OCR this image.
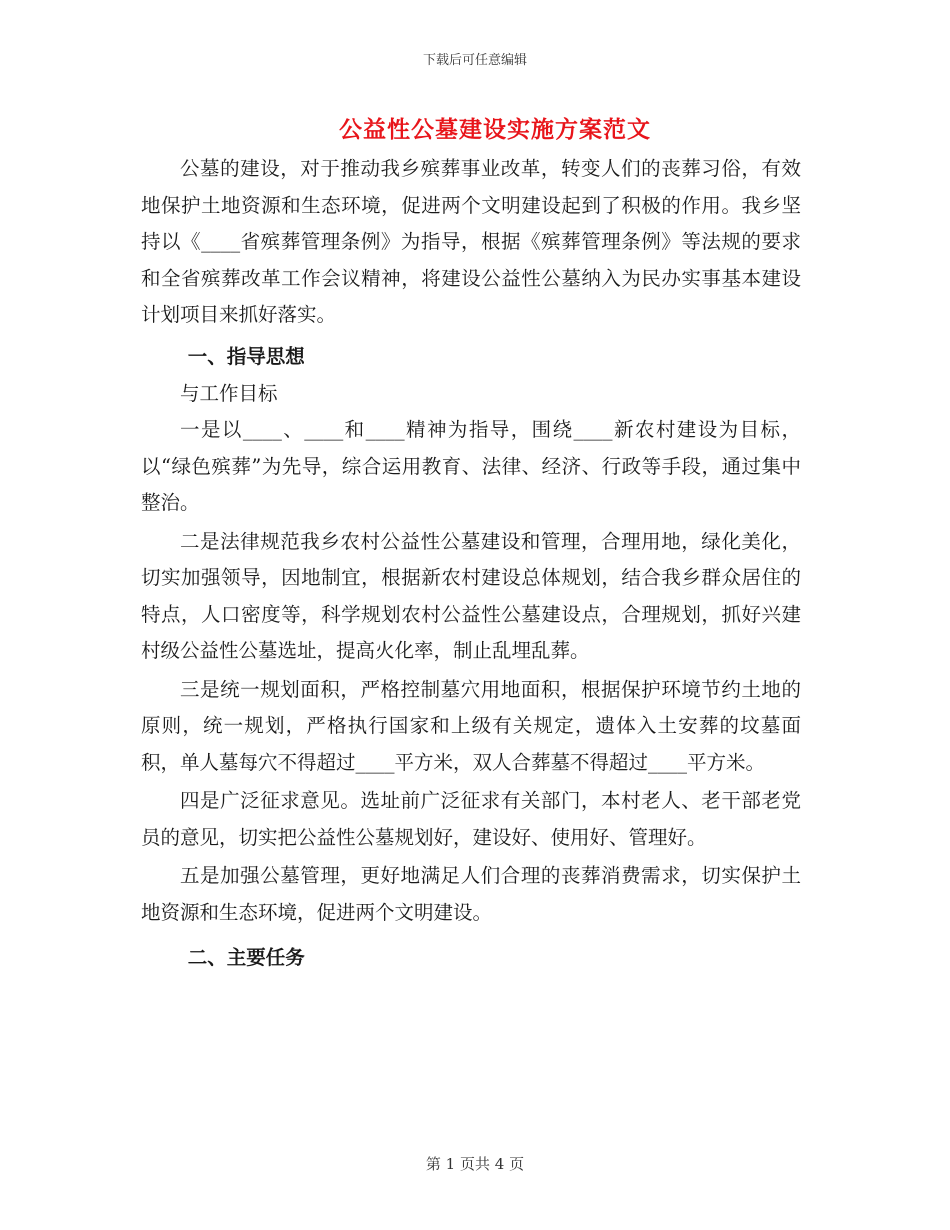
下载后可任意编辑
公益性公墓建设实施方案范文

公墓的建设，对于推动我乡殡葬事业改革，转变人们的丧葬习俗，有效地保护土地资源和生态环境，促进两个文明建设起到了积极的作用。我乡坚持以《____省殡葬管理条例》为指导，根据《殡葬管理条例》等法规的要求和全省殡葬改革工作会议精神，将建设公益性公墓纳入为民办实事基本建设计划项目来抓好落实。

一、指导思想

与工作目标

一是以____、____和____精神为指导，围绕____新农村建设为目标，以“绿色殡葬”为先导，综合运用教育、法律、经济、行政等手段，通过集中整治。

二是法律规范我乡农村公益性公墓建设和管理，合理用地，绿化美化，切实加强领导，因地制宜，根据新农村建设总体规划，结合我乡群众居住的特点，人口密度等，科学规划农村公益性公墓建设点，合理规划，抓好兴建村级公益性公墓选址，提高火化率，制止乱埋乱葬。

三是统一规划面积，严格控制墓穴用地面积，根据保护环境节约土地的原则，统一规划，严格执行国家和上级有关规定，遗体入土安葬的坟墓面积，单人墓每穴不得超过____平方米，双人合葬墓不得超过____平方米。

四是广泛征求意见。选址前广泛征求有关部门，本村老人、老干部老党员的意见，切实把公益性公墓规划好，建设好、使用好、管理好。

五是加强公墓管理，更好地满足人们合理的丧葬消费需求，切实保护土地资源和生态环境，促进两个文明建设。

二、主要任务
第 1 页共 4 页
